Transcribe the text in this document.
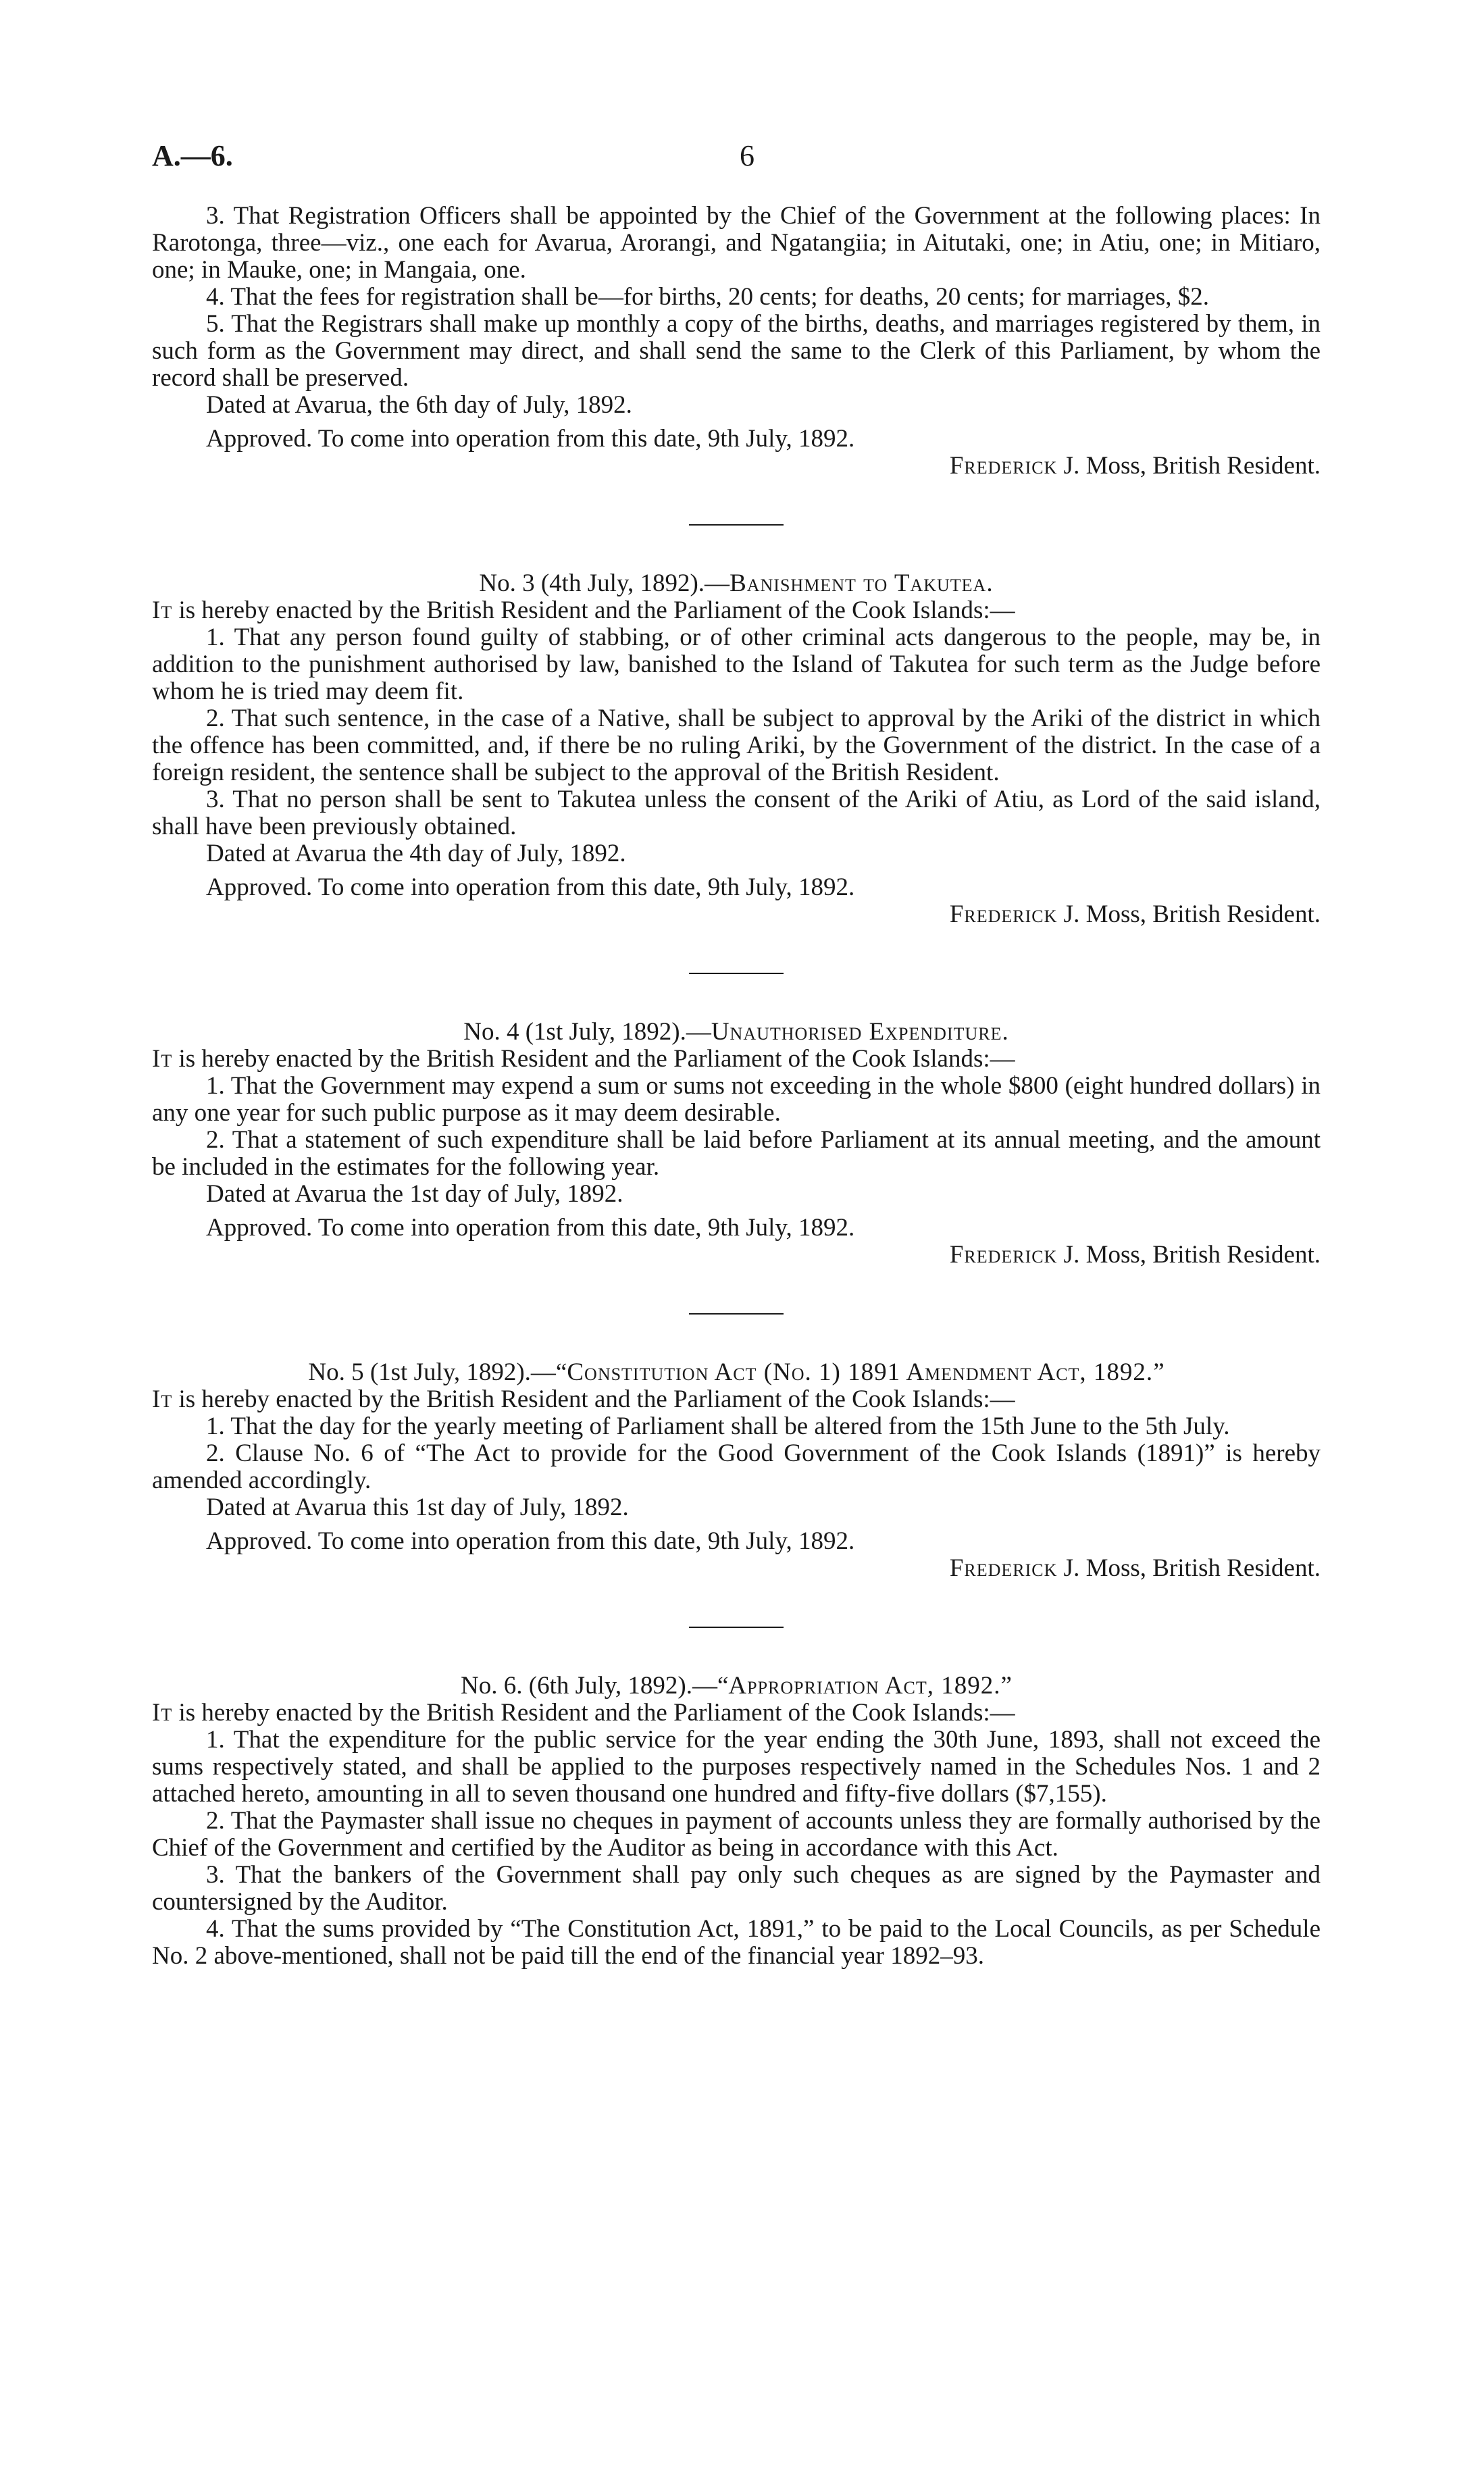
A.—6.	6

3. That Registration Officers shall be appointed by the Chief of the Government at the following places: In Rarotonga, three—viz., one each for Avarua, Arorangi, and Ngatangiia; in Aitutaki, one; in Atiu, one; in Mitiaro, one; in Mauke, one; in Mangaia, one.

4. That the fees for registration shall be—for births, 20 cents; for deaths, 20 cents; for marriages, $2.

5. That the Registrars shall make up monthly a copy of the births, deaths, and marriages registered by them, in such form as the Government may direct, and shall send the same to the Clerk of this Parliament, by whom the record shall be preserved.

Dated at Avarua, the 6th day of July, 1892.

Approved. To come into operation from this date, 9th July, 1892.

Frederick J. Moss, British Resident.

No. 3 (4th July, 1892).—Banishment to Takutea.

It is hereby enacted by the British Resident and the Parliament of the Cook Islands:—

1. That any person found guilty of stabbing, or of other criminal acts dangerous to the people, may be, in addition to the punishment authorised by law, banished to the Island of Takutea for such term as the Judge before whom he is tried may deem fit.

2. That such sentence, in the case of a Native, shall be subject to approval by the Ariki of the district in which the offence has been committed, and, if there be no ruling Ariki, by the Government of the district. In the case of a foreign resident, the sentence shall be subject to the approval of the British Resident.

3. That no person shall be sent to Takutea unless the consent of the Ariki of Atiu, as Lord of the said island, shall have been previously obtained.

Dated at Avarua the 4th day of July, 1892.

Approved. To come into operation from this date, 9th July, 1892.

Frederick J. Moss, British Resident.

No. 4 (1st July, 1892).—Unauthorised Expenditure.

It is hereby enacted by the British Resident and the Parliament of the Cook Islands:—

1. That the Government may expend a sum or sums not exceeding in the whole $800 (eight hundred dollars) in any one year for such public purpose as it may deem desirable.

2. That a statement of such expenditure shall be laid before Parliament at its annual meeting, and the amount be included in the estimates for the following year.

Dated at Avarua the 1st day of July, 1892.

Approved. To come into operation from this date, 9th July, 1892.

Frederick J. Moss, British Resident.

No. 5 (1st July, 1892).—“Constitution Act (No. 1) 1891 Amendment Act, 1892.”

It is hereby enacted by the British Resident and the Parliament of the Cook Islands:—

1. That the day for the yearly meeting of Parliament shall be altered from the 15th June to the 5th July.

2. Clause No. 6 of “The Act to provide for the Good Government of the Cook Islands (1891)” is hereby amended accordingly.

Dated at Avarua this 1st day of July, 1892.

Approved. To come into operation from this date, 9th July, 1892.

Frederick J. Moss, British Resident.

No. 6. (6th July, 1892).—“Appropriation Act, 1892.”

It is hereby enacted by the British Resident and the Parliament of the Cook Islands:—

1. That the expenditure for the public service for the year ending the 30th June, 1893, shall not exceed the sums respectively stated, and shall be applied to the purposes respectively named in the Schedules Nos. 1 and 2 attached hereto, amounting in all to seven thousand one hundred and fifty-five dollars ($7,155).

2. That the Paymaster shall issue no cheques in payment of accounts unless they are formally authorised by the Chief of the Government and certified by the Auditor as being in accordance with this Act.

3. That the bankers of the Government shall pay only such cheques as are signed by the Paymaster and countersigned by the Auditor.

4. That the sums provided by “The Constitution Act, 1891,” to be paid to the Local Councils, as per Schedule No. 2 above-mentioned, shall not be paid till the end of the financial year 1892–93.
